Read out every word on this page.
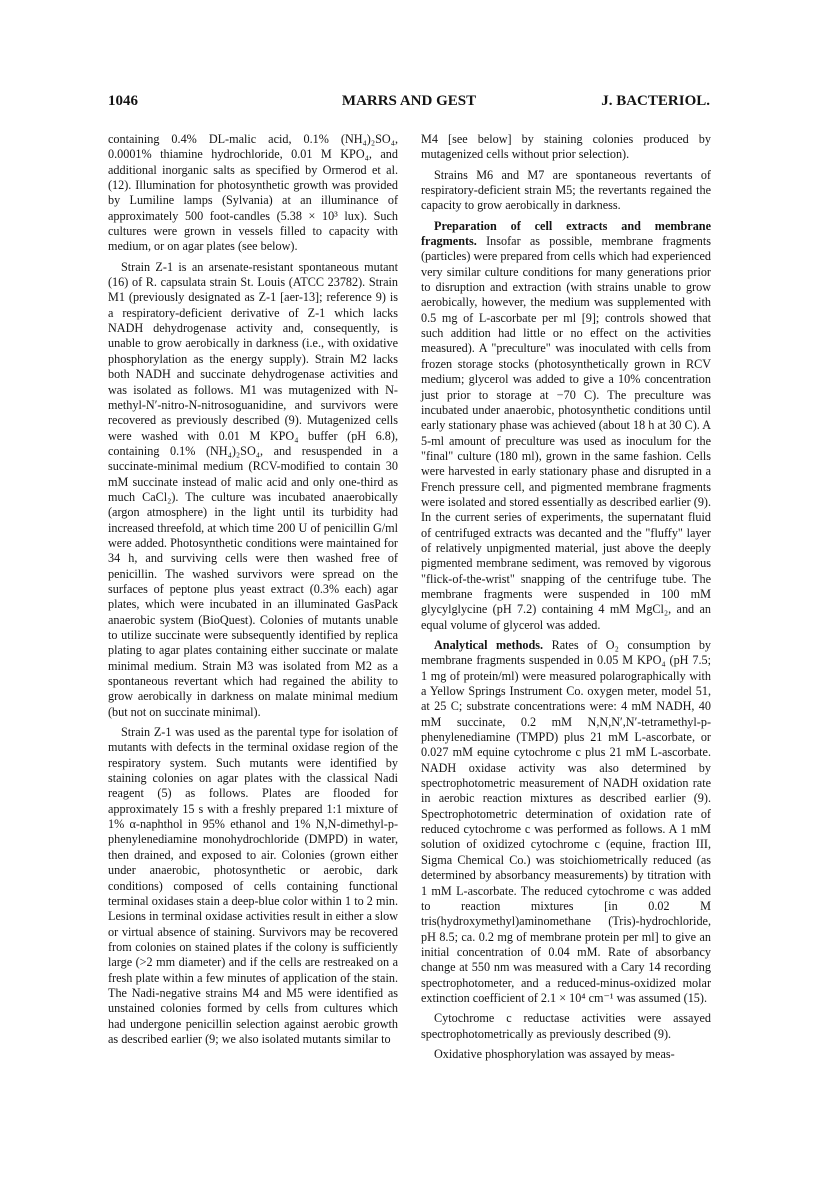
1046	MARRS AND GEST	J. BACTERIOL.

containing 0.4% DL-malic acid, 0.1% (NH₄)₂SO₄, 0.0001% thiamine hydrochloride, 0.01 M KPO₄, and additional inorganic salts as specified by Ormerod et al. (12). Illumination for photosynthetic growth was provided by Lumiline lamps (Sylvania) at an illuminance of approximately 500 foot-candles (5.38 × 10³ lux). Such cultures were grown in vessels filled to capacity with medium, or on agar plates (see below).

Strain Z-1 is an arsenate-resistant spontaneous mutant (16) of R. capsulata strain St. Louis (ATCC 23782). Strain M1 (previously designated as Z-1 [aer-13]; reference 9) is a respiratory-deficient derivative of Z-1 which lacks NADH dehydrogenase activity and, consequently, is unable to grow aerobically in darkness (i.e., with oxidative phosphorylation as the energy supply). Strain M2 lacks both NADH and succinate dehydrogenase activities and was isolated as follows. M1 was mutagenized with N-methyl-N′-nitro-N-nitrosoguanidine, and survivors were recovered as previously described (9). Mutagenized cells were washed with 0.01 M KPO₄ buffer (pH 6.8), containing 0.1% (NH₄)₂SO₄, and resuspended in a succinate-minimal medium (RCV-modified to contain 30 mM succinate instead of malic acid and only one-third as much CaCl₂). The culture was incubated anaerobically (argon atmosphere) in the light until its turbidity had increased threefold, at which time 200 U of penicillin G/ml were added. Photosynthetic conditions were maintained for 34 h, and surviving cells were then washed free of penicillin. The washed survivors were spread on the surfaces of peptone plus yeast extract (0.3% each) agar plates, which were incubated in an illuminated GasPack anaerobic system (BioQuest). Colonies of mutants unable to utilize succinate were subsequently identified by replica plating to agar plates containing either succinate or malate minimal medium. Strain M3 was isolated from M2 as a spontaneous revertant which had regained the ability to grow aerobically in darkness on malate minimal medium (but not on succinate minimal).

Strain Z-1 was used as the parental type for isolation of mutants with defects in the terminal oxidase region of the respiratory system. Such mutants were identified by staining colonies on agar plates with the classical Nadi reagent (5) as follows. Plates are flooded for approximately 15 s with a freshly prepared 1:1 mixture of 1% α-naphthol in 95% ethanol and 1% N,N-dimethyl-p-phenylenediamine monohydrochloride (DMPD) in water, then drained, and exposed to air. Colonies (grown either under anaerobic, photosynthetic or aerobic, dark conditions) composed of cells containing functional terminal oxidases stain a deep-blue color within 1 to 2 min. Lesions in terminal oxidase activities result in either a slow or virtual absence of staining. Survivors may be recovered from colonies on stained plates if the colony is sufficiently large (>2 mm diameter) and if the cells are restreaked on a fresh plate within a few minutes of application of the stain. The Nadi-negative strains M4 and M5 were identified as unstained colonies formed by cells from cultures which had undergone penicillin selection against aerobic growth as described earlier (9; we also isolated mutants similar to

M4 [see below] by staining colonies produced by mutagenized cells without prior selection).

Strains M6 and M7 are spontaneous revertants of respiratory-deficient strain M5; the revertants regained the capacity to grow aerobically in darkness.

Preparation of cell extracts and membrane fragments. Insofar as possible, membrane fragments (particles) were prepared from cells which had experienced very similar culture conditions for many generations prior to disruption and extraction (with strains unable to grow aerobically, however, the medium was supplemented with 0.5 mg of L-ascorbate per ml [9]; controls showed that such addition had little or no effect on the activities measured). A "preculture" was inoculated with cells from frozen storage stocks (photosynthetically grown in RCV medium; glycerol was added to give a 10% concentration just prior to storage at −70 C). The preculture was incubated under anaerobic, photosynthetic conditions until early stationary phase was achieved (about 18 h at 30 C). A 5-ml amount of preculture was used as inoculum for the "final" culture (180 ml), grown in the same fashion. Cells were harvested in early stationary phase and disrupted in a French pressure cell, and pigmented membrane fragments were isolated and stored essentially as described earlier (9). In the current series of experiments, the supernatant fluid of centrifuged extracts was decanted and the "fluffy" layer of relatively unpigmented material, just above the deeply pigmented membrane sediment, was removed by vigorous "flick-of-the-wrist" snapping of the centrifuge tube. The membrane fragments were suspended in 100 mM glycylglycine (pH 7.2) containing 4 mM MgCl₂, and an equal volume of glycerol was added.

Analytical methods. Rates of O₂ consumption by membrane fragments suspended in 0.05 M KPO₄ (pH 7.5; 1 mg of protein/ml) were measured polarographically with a Yellow Springs Instrument Co. oxygen meter, model 51, at 25 C; substrate concentrations were: 4 mM NADH, 40 mM succinate, 0.2 mM N,N,N′,N′-tetramethyl-p-phenylenediamine (TMPD) plus 21 mM L-ascorbate, or 0.027 mM equine cytochrome c plus 21 mM L-ascorbate. NADH oxidase activity was also determined by spectrophotometric measurement of NADH oxidation rate in aerobic reaction mixtures as described earlier (9). Spectrophotometric determination of oxidation rate of reduced cytochrome c was performed as follows. A 1 mM solution of oxidized cytochrome c (equine, fraction III, Sigma Chemical Co.) was stoichiometrically reduced (as determined by absorbancy measurements) by titration with 1 mM L-ascorbate. The reduced cytochrome c was added to reaction mixtures [in 0.02 M tris(hydroxymethyl)aminomethane (Tris)-hydrochloride, pH 8.5; ca. 0.2 mg of membrane protein per ml] to give an initial concentration of 0.04 mM. Rate of absorbancy change at 550 nm was measured with a Cary 14 recording spectrophotometer, and a reduced-minus-oxidized molar extinction coefficient of 2.1 × 10⁴ cm⁻¹ was assumed (15).

Cytochrome c reductase activities were assayed spectrophotometrically as previously described (9).

Oxidative phosphorylation was assayed by meas-
